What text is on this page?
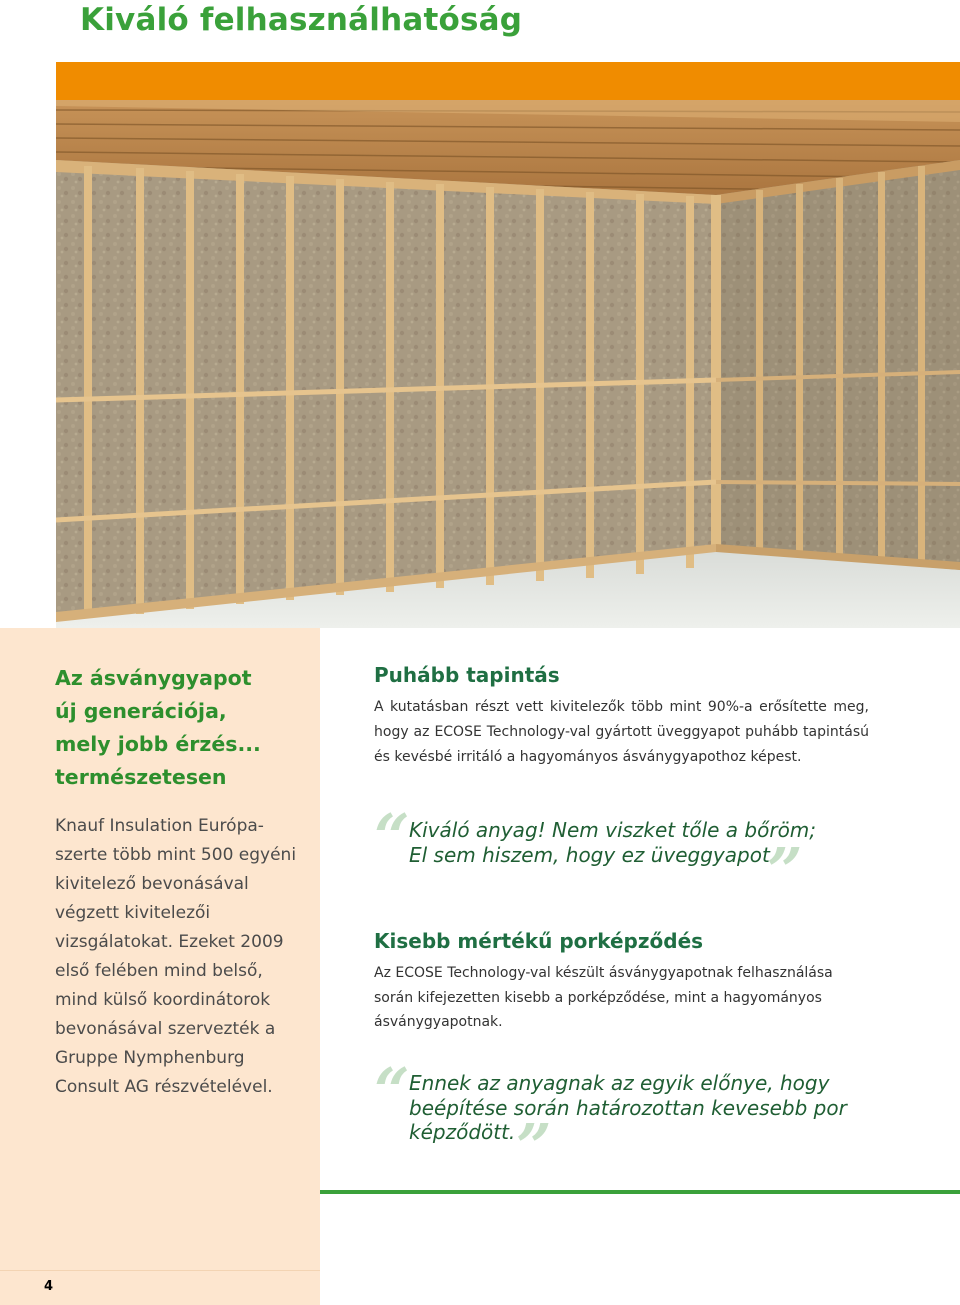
Kiváló felhasználhatóság
Az ásványgyapot
új generációja,
mely jobb érzés...
természetesen
Knauf Insulation Európa-
szerte több mint 500 egyéni
kivitelező bevonásával
végzett kivitelezői
vizsgálatokat. Ezeket 2009
első felében mind belső,
mind külső koordinátorok
bevonásával szervezték a
Gruppe Nymphenburg
Consult AG részvételével.
Puhább tapintás
A kutatásban részt vett kivitelezők több mint 90%-a erősítette meg, hogy az ECOSE Technology-val gyártott üveggyapot puhább tapintású és kevésbé irritáló a hagyományos ásványgyapothoz képest.
“ Kiváló anyag! Nem viszket tőle a bőröm;
El sem hiszem, hogy ez üveggyapot.
”
Kisebb mértékű porképződés
Az ECOSE Technology-val készült ásványgyapotnak felhasználása során kifejezetten kisebb a porképződése, mint a hagyományos ásványgyapotnak.
“ Ennek az anyagnak az egyik előnye, hogy
beépítése során határozottan kevesebb por
képződött. ”
4
